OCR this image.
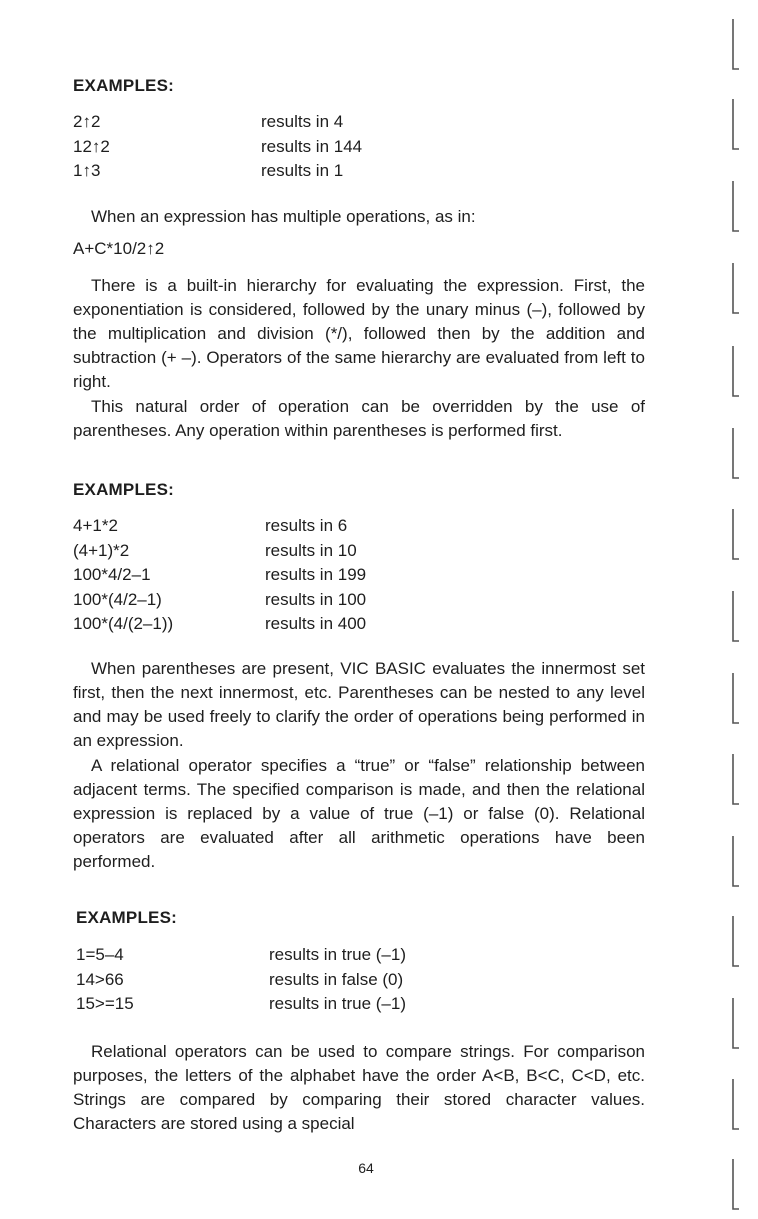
EXAMPLES:
2↑2	results in 4
12↑2	results in 144
1↑3	results in 1

When an expression has multiple operations, as in:

A+C*10/2↑2

There is a built-in hierarchy for evaluating the expression. First, the exponentiation is considered, followed by the unary minus (–), followed by the multiplication and division (*/), followed then by the addition and subtraction (+ –). Operators of the same hierarchy are evaluated from left to right.

This natural order of operation can be overridden by the use of parentheses. Any operation within parentheses is performed first.

EXAMPLES:
4+1*2	results in 6
(4+1)*2	results in 10
100*4/2–1	results in 199
100*(4/2–1)	results in 100
100*(4/(2–1))	results in 400

When parentheses are present, VIC BASIC evaluates the innermost set first, then the next innermost, etc. Parentheses can be nested to any level and may be used freely to clarify the order of operations being performed in an expression.

A relational operator specifies a “true” or “false” relationship between adjacent terms. The specified comparison is made, and then the relational expression is replaced by a value of true (–1) or false (0). Relational operators are evaluated after all arithmetic operations have been performed.

EXAMPLES:
1=5–4	results in true (–1)
14>66	results in false (0)
15>=15	results in true (–1)

Relational operators can be used to compare strings. For comparison purposes, the letters of the alphabet have the order A<B, B<C, C<D, etc. Strings are compared by comparing their stored character values. Characters are stored using a special

64
